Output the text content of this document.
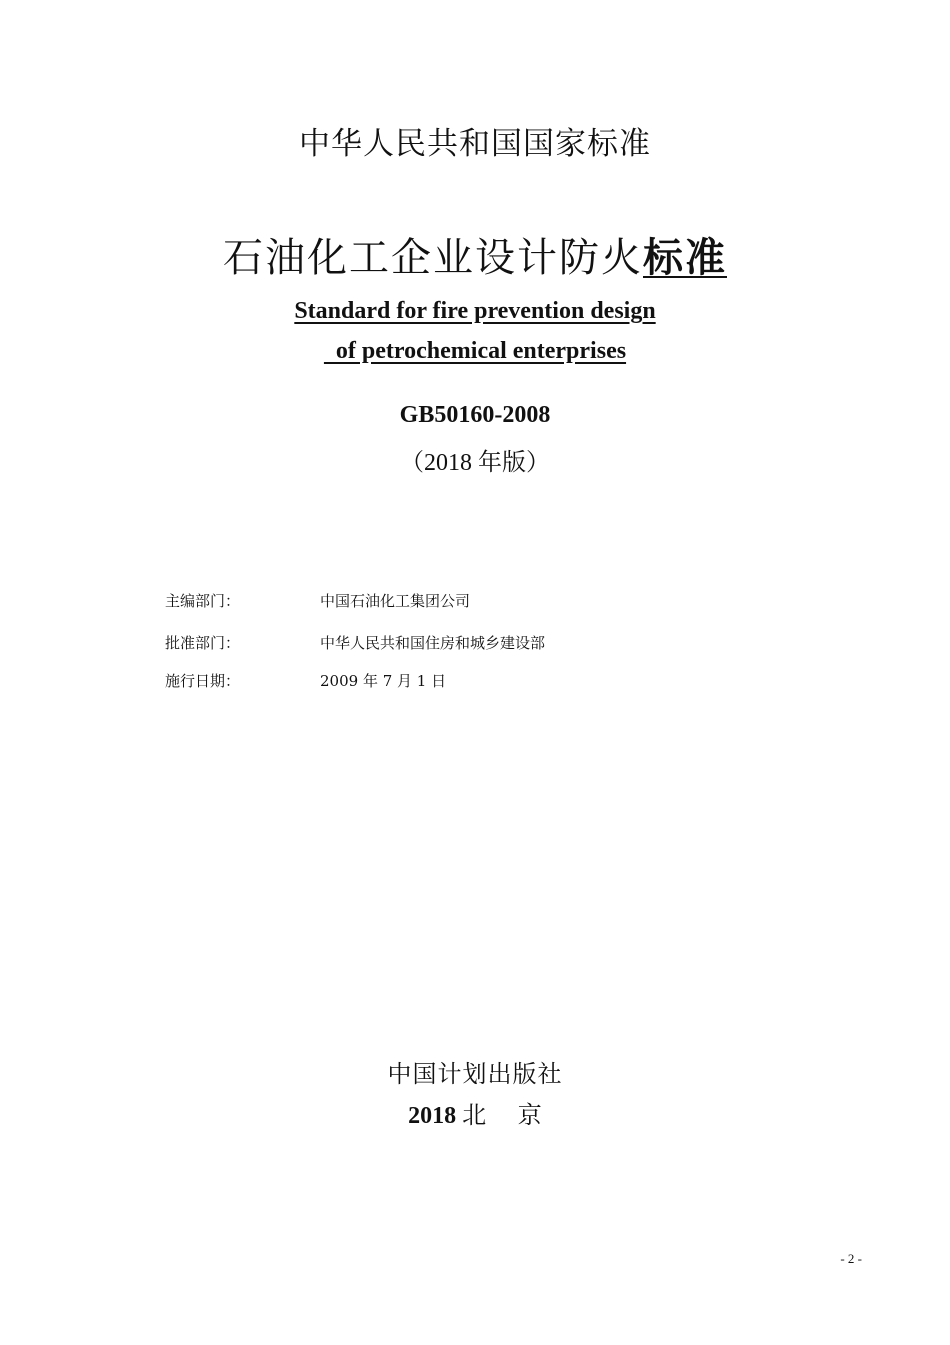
中华人民共和国国家标准
石油化工企业设计防火标准
Standard for fire prevention design
of petrochemical enterprises
GB50160-2008
（2018 年版）
主编部门：	中国石油化工集团公司
批准部门：	中华人民共和国住房和城乡建设部
施行日期：	2009 年 7 月 1 日
中国计划出版社
2018 北　 京
- 2 -
